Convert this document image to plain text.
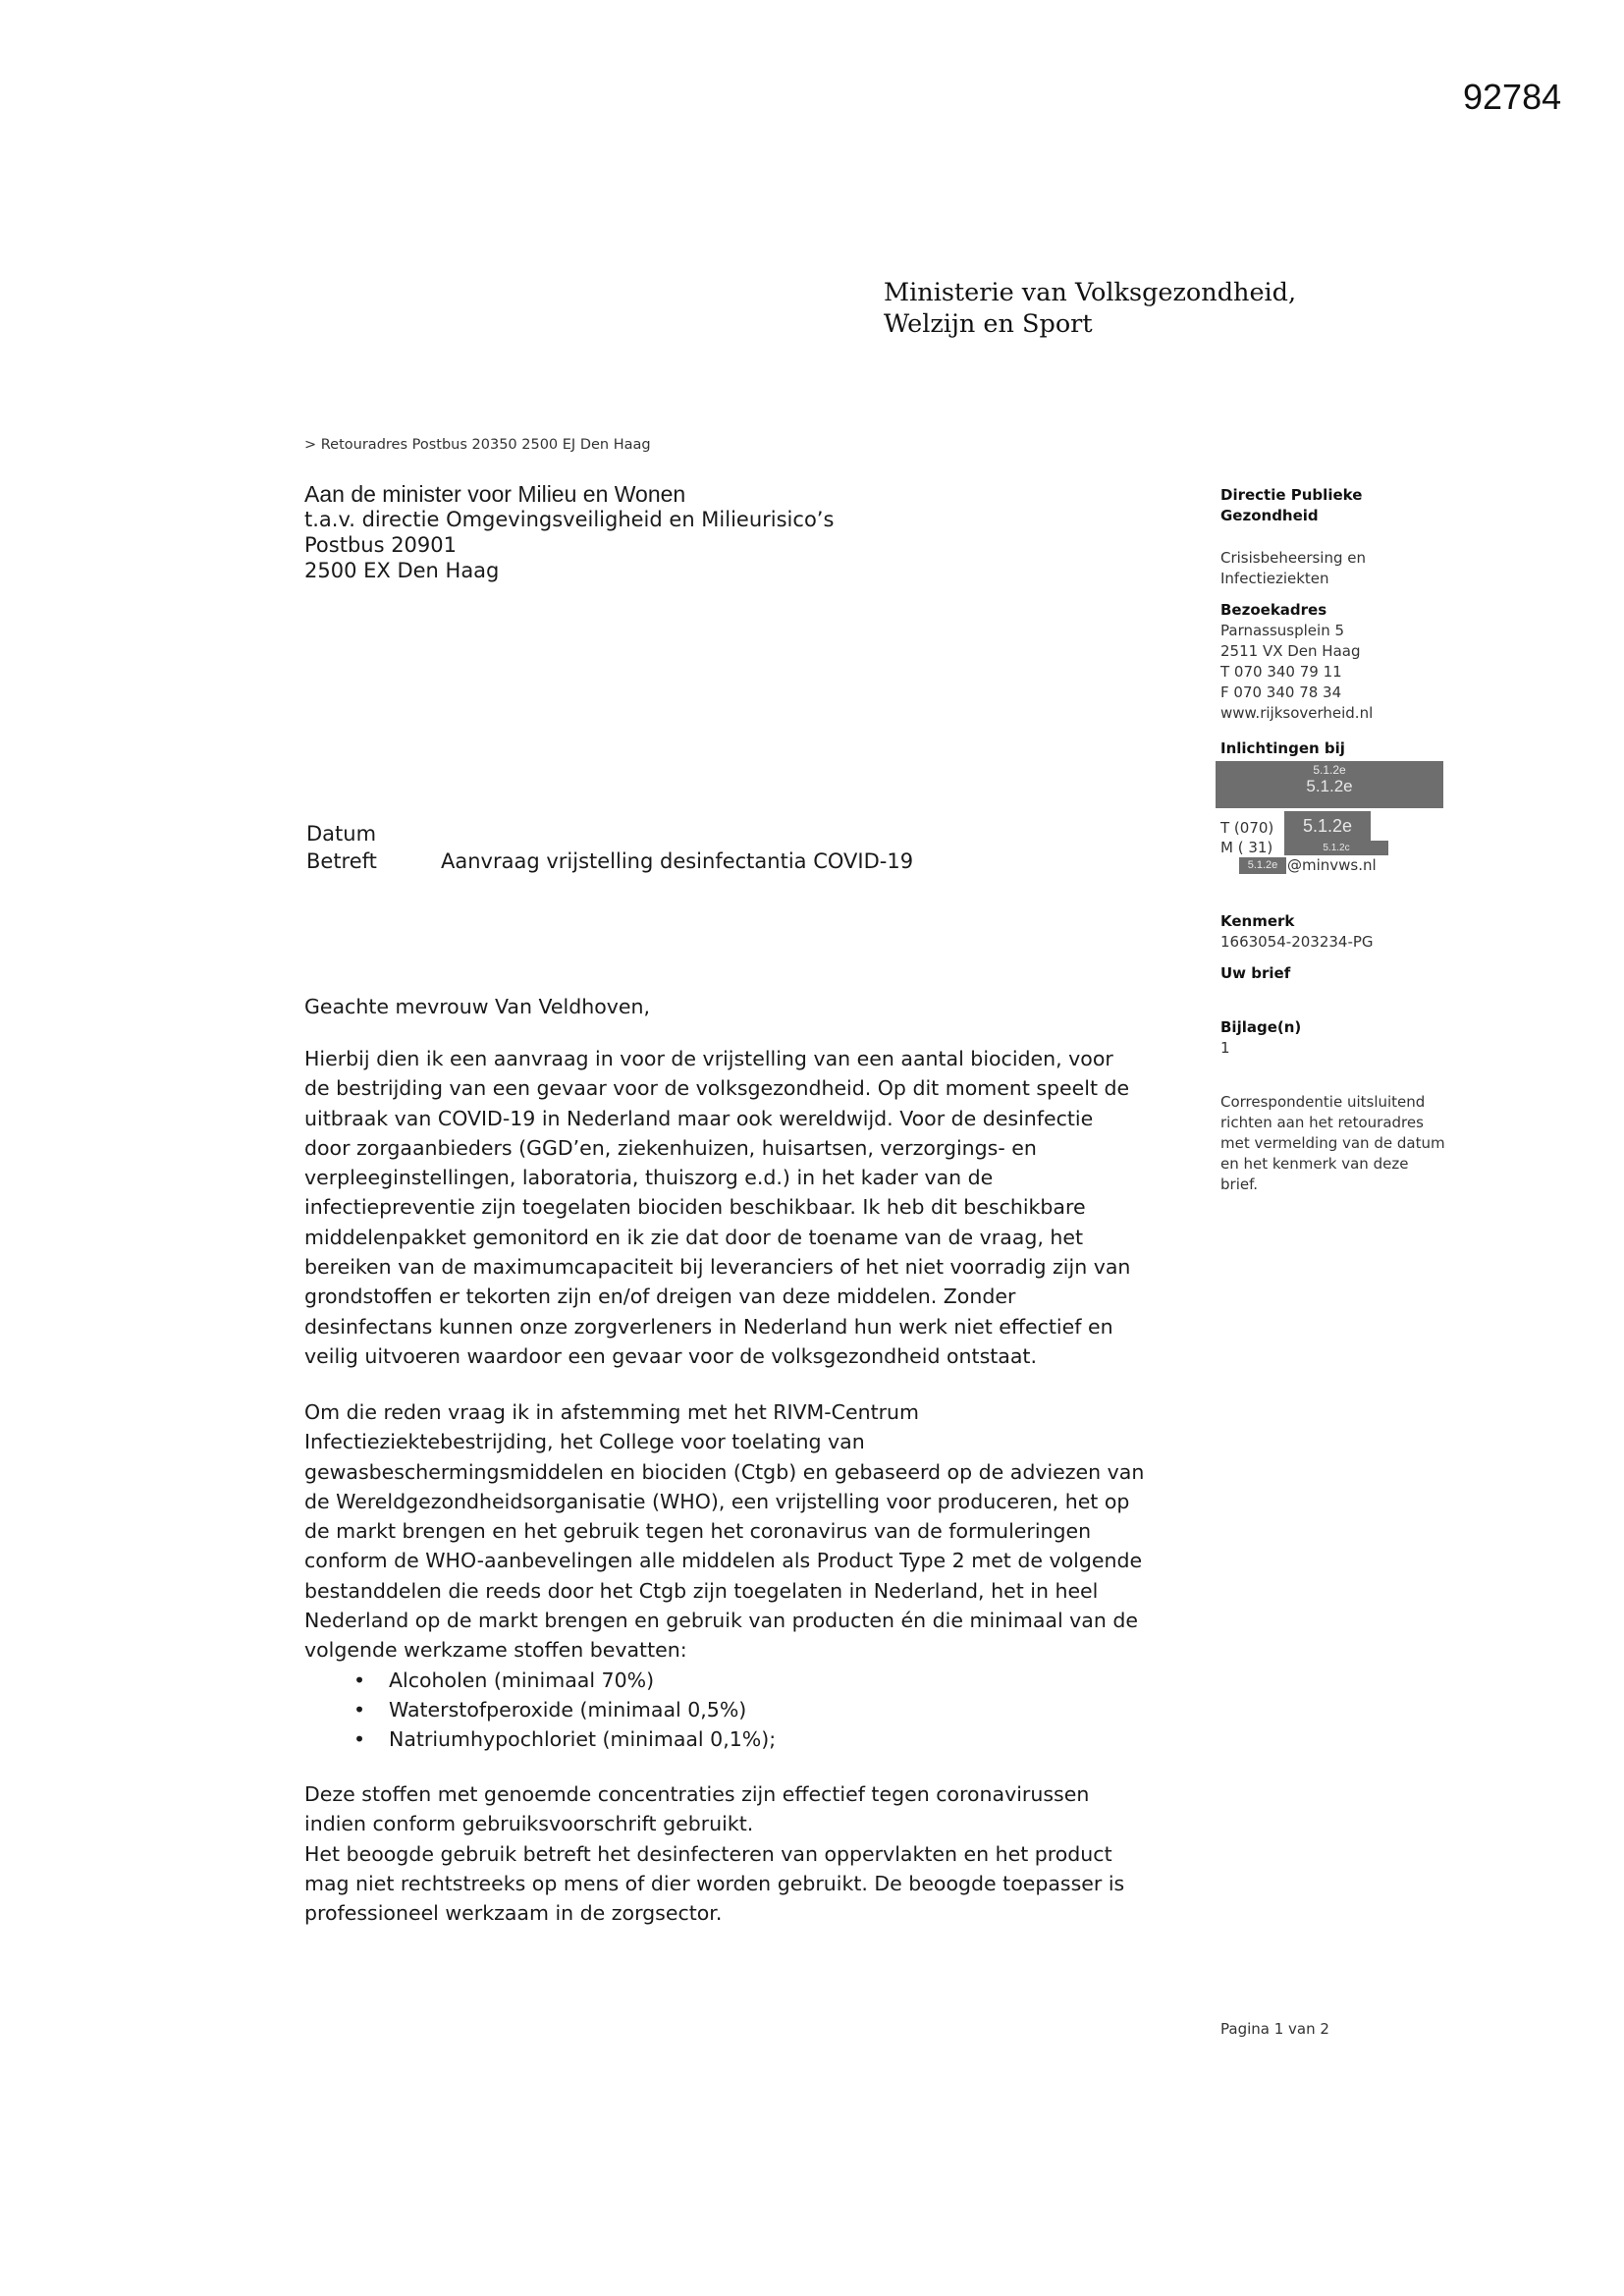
92784
Ministerie van Volksgezondheid,
Welzijn en Sport
> Retouradres Postbus 20350 2500 EJ Den Haag
Aan de minister voor Milieu en Wonen
t.a.v. directie Omgevingsveiligheid en Milieurisico’s
Postbus 20901
2500 EX Den Haag
Directie Publieke
Gezondheid
Crisisbeheersing en
Infectieziekten
Bezoekadres
Parnassusplein 5
2511 VX Den Haag
T 070 340 79 11
F 070 340 78 34
www.rijksoverheid.nl
Inlichtingen bij
5.1.2e
5.1.2e
T (070)	5.1.2e
M ( 31)	5.1.2c
5.1.2e @minvws.nl
Kenmerk
1663054-203234-PG
Uw brief
Bijlage(n)
1
Correspondentie uitsluitend
richten aan het retouradres
met vermelding van de datum
en het kenmerk van deze
brief.
Datum
Betreft	Aanvraag vrijstelling desinfectantia COVID-19

Geachte mevrouw Van Veldhoven,

Hierbij dien ik een aanvraag in voor de vrijstelling van een aantal biociden, voor
de bestrijding van een gevaar voor de volksgezondheid. Op dit moment speelt de
uitbraak van COVID-19 in Nederland maar ook wereldwijd. Voor de desinfectie
door zorgaanbieders (GGD’en, ziekenhuizen, huisartsen, verzorgings- en
verpleeginstellingen, laboratoria, thuiszorg e.d.) in het kader van de
infectiepreventie zijn toegelaten biociden beschikbaar. Ik heb dit beschikbare
middelenpakket gemonitord en ik zie dat door de toename van de vraag, het
bereiken van de maximumcapaciteit bij leveranciers of het niet voorradig zijn van
grondstoffen er tekorten zijn en/of dreigen van deze middelen. Zonder
desinfectans kunnen onze zorgverleners in Nederland hun werk niet effectief en
veilig uitvoeren waardoor een gevaar voor de volksgezondheid ontstaat.
Om die reden vraag ik in afstemming met het RIVM-Centrum
Infectieziektebestrijding, het College voor toelating van
gewasbeschermingsmiddelen en biociden (Ctgb) en gebaseerd op de adviezen van
de Wereldgezondheidsorganisatie (WHO), een vrijstelling voor produceren, het op
de markt brengen en het gebruik tegen het coronavirus van de formuleringen
conform de WHO-aanbevelingen alle middelen als Product Type 2 met de volgende
bestanddelen die reeds door het Ctgb zijn toegelaten in Nederland, het in heel
Nederland op de markt brengen en gebruik van producten én die minimaal van de
volgende werkzame stoffen bevatten:
•	Alcoholen (minimaal 70%)
•	Waterstofperoxide (minimaal 0,5%)
•	Natriumhypochloriet (minimaal 0,1%);
Deze stoffen met genoemde concentraties zijn effectief tegen coronavirussen
indien conform gebruiksvoorschrift gebruikt.
Het beoogde gebruik betreft het desinfecteren van oppervlakten en het product
mag niet rechtstreeks op mens of dier worden gebruikt. De beoogde toepasser is
professioneel werkzaam in de zorgsector.
Pagina 1 van 2
